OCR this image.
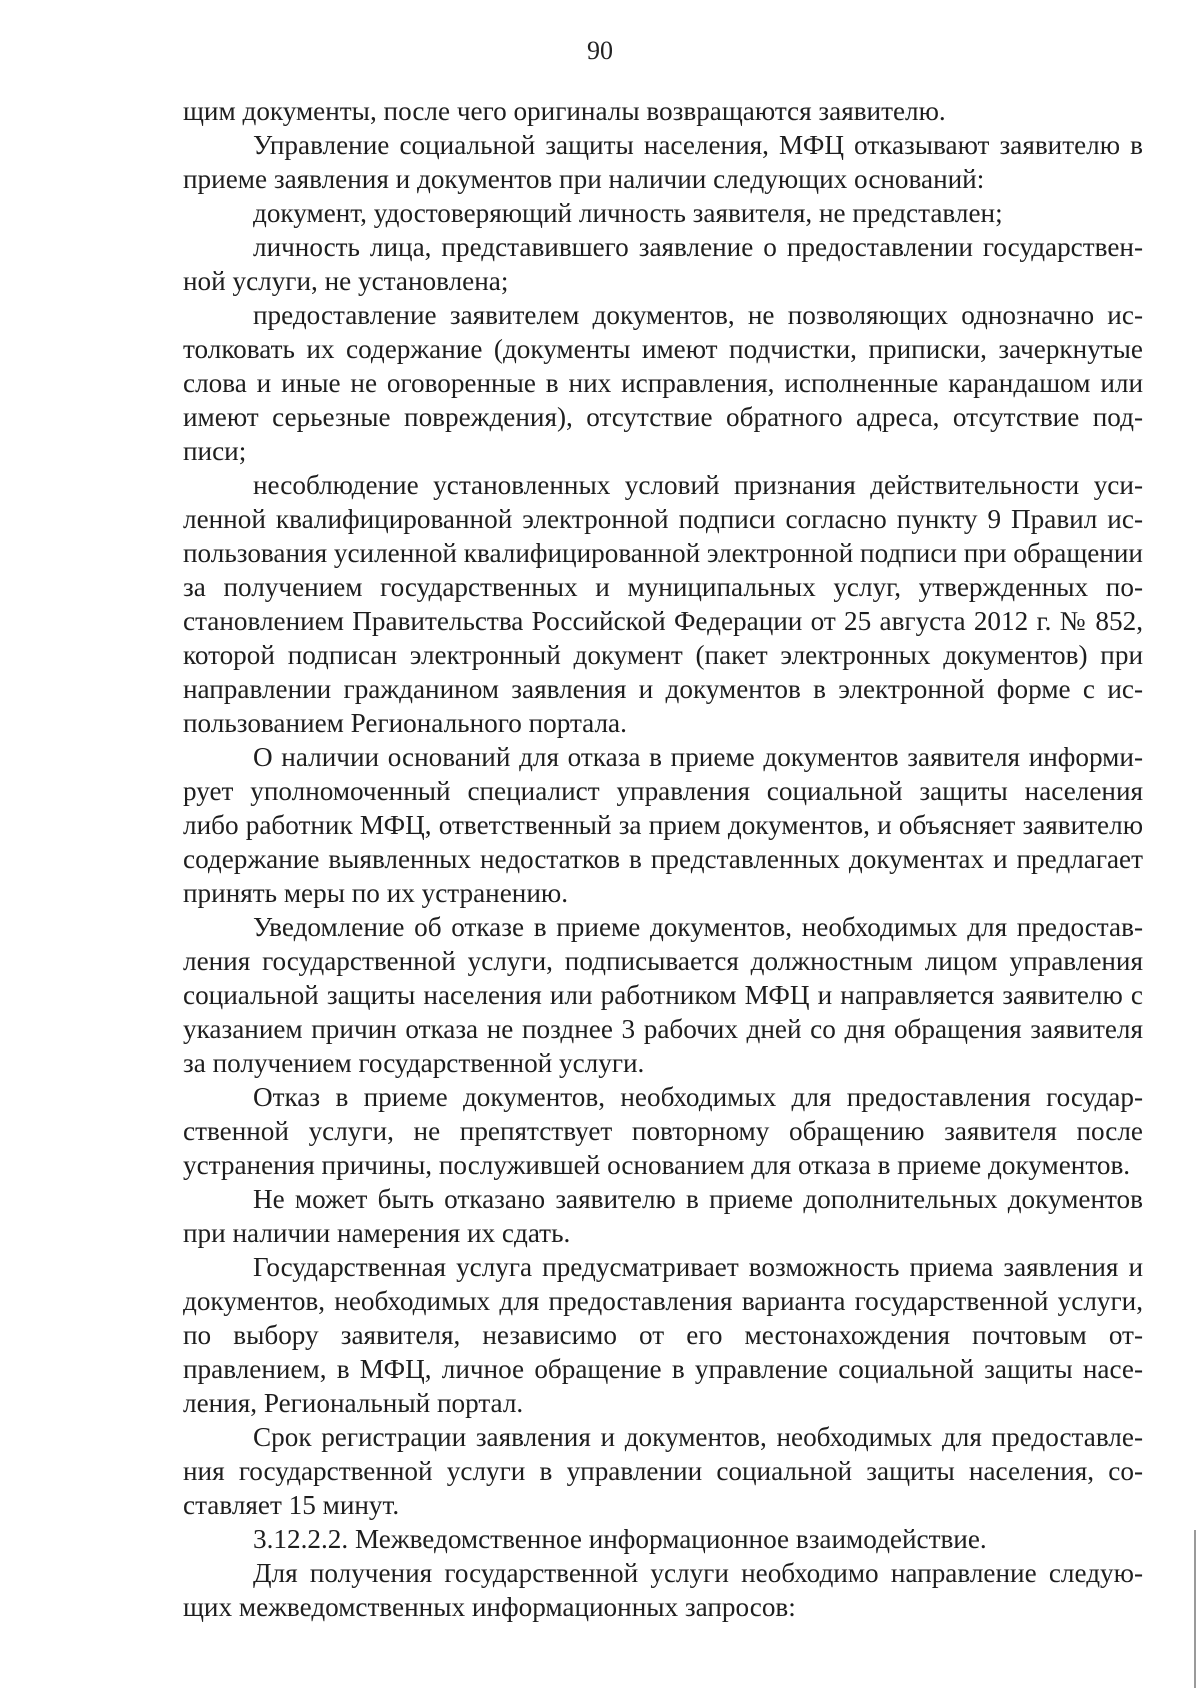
90

щим документы, после чего оригиналы возвращаются заявителю.

Управление социальной защиты населения, МФЦ отказывают заявителю в приеме заявления и документов при наличии следующих оснований:

документ, удостоверяющий личность заявителя, не представлен;

личность лица, представившего заявление о предоставлении государственной услуги, не установлена;

предоставление заявителем документов, не позволяющих однозначно истолковать их содержание (документы имеют подчистки, приписки, зачеркнутые слова и иные не оговоренные в них исправления, исполненные карандашом или имеют серьезные повреждения), отсутствие обратного адреса, отсутствие подписи;

несоблюдение установленных условий признания действительности усиленной квалифицированной электронной подписи согласно пункту 9 Правил использования усиленной квалифицированной электронной подписи при обращении за получением государственных и муниципальных услуг, утвержденных постановлением Правительства Российской Федерации от 25 августа 2012 г. № 852, которой подписан электронный документ (пакет электронных документов) при направлении гражданином заявления и документов в электронной форме с использованием Регионального портала.

О наличии оснований для отказа в приеме документов заявителя информирует уполномоченный специалист управления социальной защиты населения либо работник МФЦ, ответственный за прием документов, и объясняет заявителю содержание выявленных недостатков в представленных документах и предлагает принять меры по их устранению.

Уведомление об отказе в приеме документов, необходимых для предоставления государственной услуги, подписывается должностным лицом управления социальной защиты населения или работником МФЦ и направляется заявителю с указанием причин отказа не позднее 3 рабочих дней со дня обращения заявителя за получением государственной услуги.

Отказ в приеме документов, необходимых для предоставления государственной услуги, не препятствует повторному обращению заявителя после устранения причины, послужившей основанием для отказа в приеме документов.

Не может быть отказано заявителю в приеме дополнительных документов при наличии намерения их сдать.

Государственная услуга предусматривает возможность приема заявления и документов, необходимых для предоставления варианта государственной услуги, по выбору заявителя, независимо от его местонахождения почтовым отправлением, в МФЦ, личное обращение в управление социальной защиты населения, Региональный портал.

Срок регистрации заявления и документов, необходимых для предоставления государственной услуги в управлении социальной защиты населения, составляет 15 минут.

3.12.2.2. Межведомственное информационное взаимодействие.

Для получения государственной услуги необходимо направление следующих межведомственных информационных запросов:
